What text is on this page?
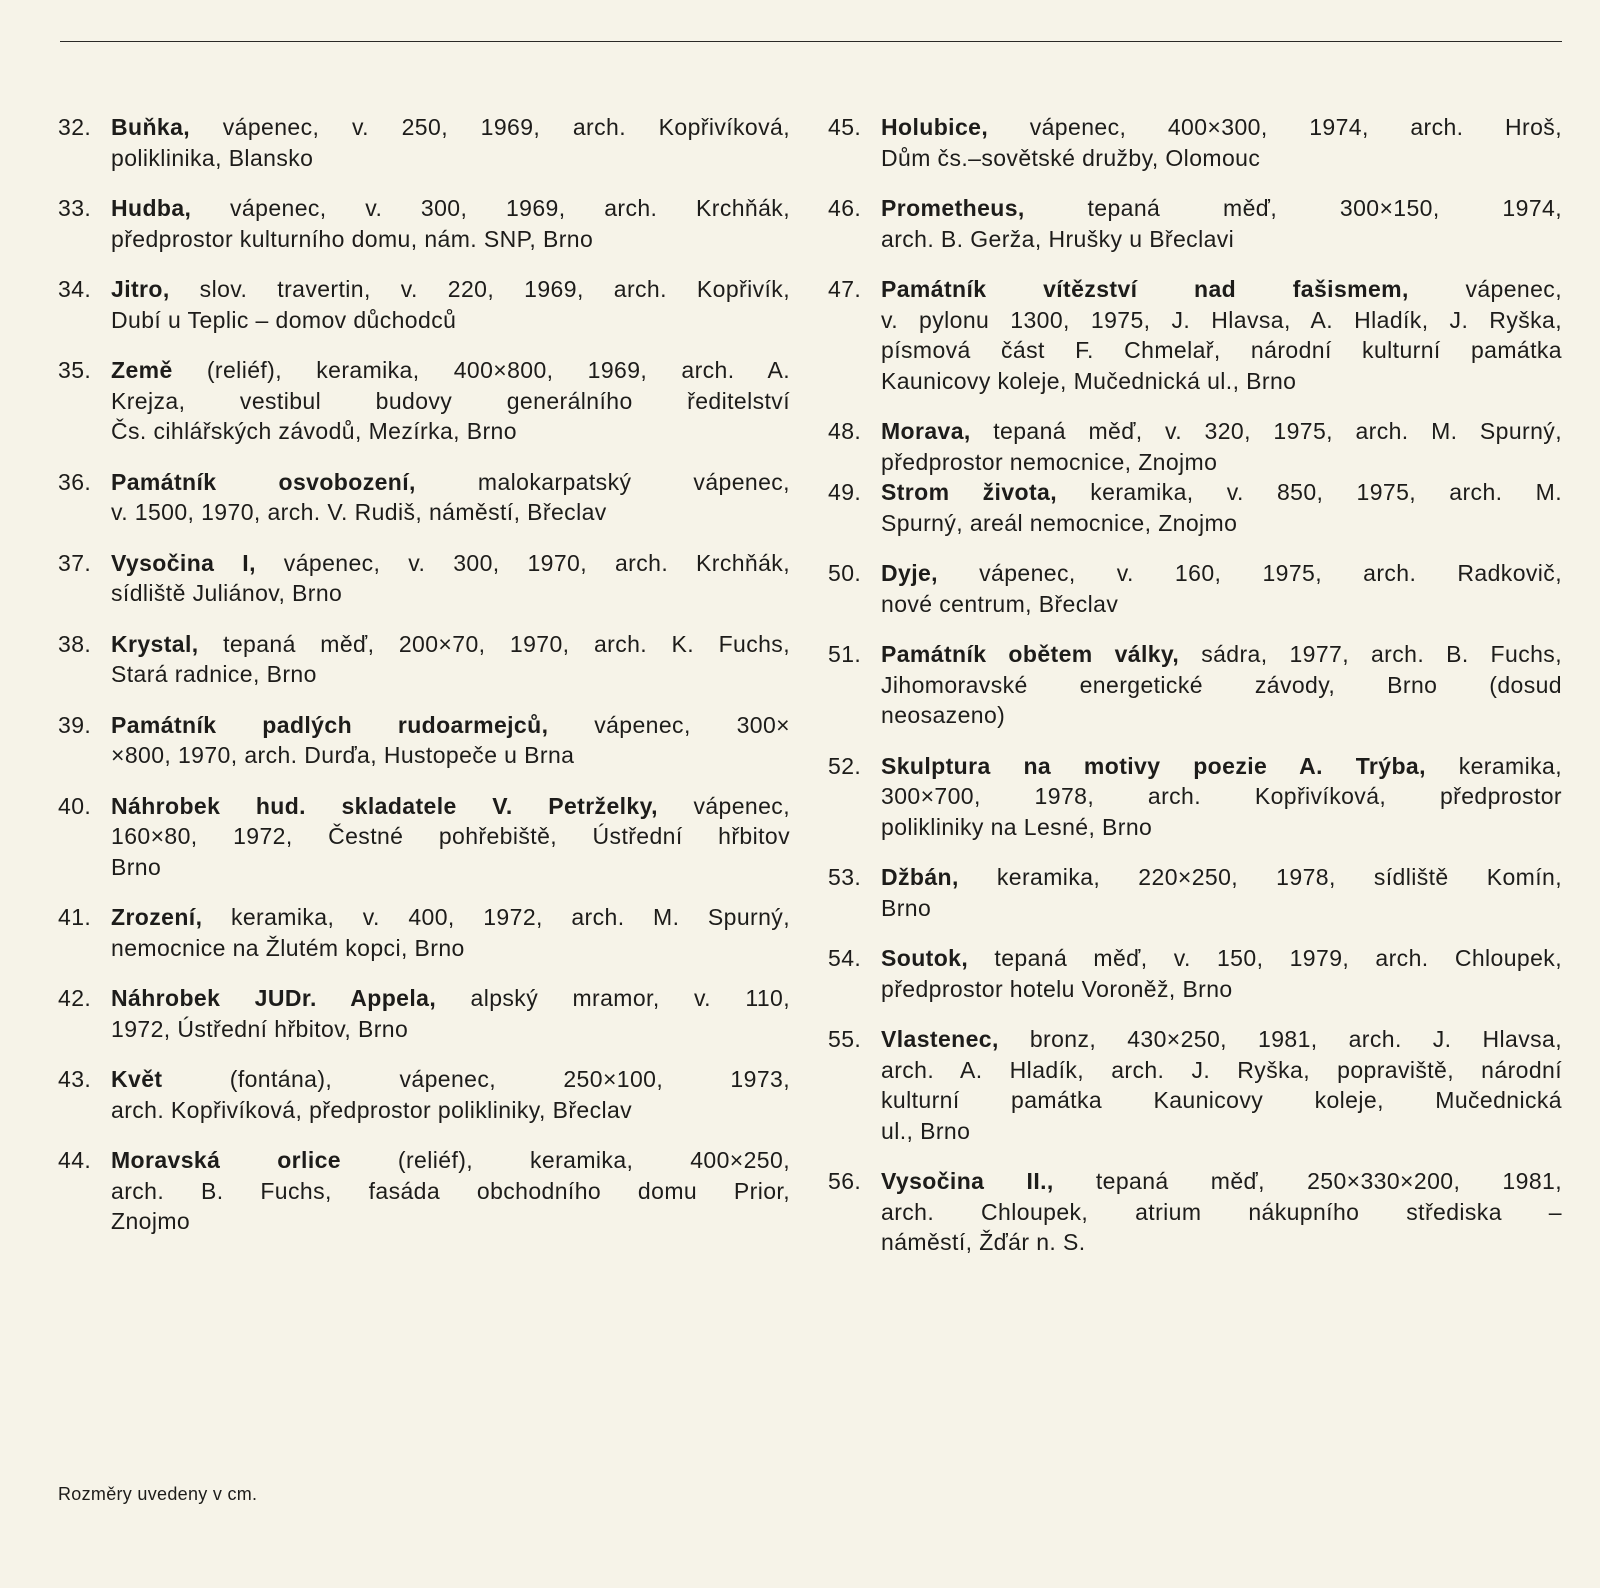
32. Buňka, vápenec, v. 250, 1969, arch. Kopřivíková,
poliklinika, Blansko
33. Hudba, vápenec, v. 300, 1969, arch. Krchňák,
předprostor kulturního domu, nám. SNP, Brno
34. Jitro, slov. travertin, v. 220, 1969, arch. Kopřivík,
Dubí u Teplic – domov důchodců
35. Země (reliéf), keramika, 400×800, 1969, arch. A.
Krejza, vestibul budovy generálního ředitelství
Čs. cihlářských závodů, Mezírka, Brno
36. Památník osvobození,	malokarpatský vápenec,
v. 1500, 1970, arch. V. Rudiš, náměstí, Břeclav
37. Vysočina I, vápenec, v. 300, 1970, arch. Krchňák,
sídliště Juliánov, Brno
38. Krystal, tepaná měď, 200×70, 1970, arch. K. Fuchs,
Stará radnice, Brno
39. Památník padlých rudoarmejců, vápenec, 300×
×800, 1970, arch. Durďa, Hustopeče u Brna
40. Náhrobek hud. skladatele V. Petrželky, vápenec,
160×80, 1972, Čestné pohřebiště, Ústřední hřbitov
Brno
41. Zrození, keramika, v. 400, 1972, arch. M. Spurný,
nemocnice na Žlutém kopci, Brno
42. Náhrobek JUDr. Appela, alpský mramor, v. 110,
1972, Ústřední hřbitov, Brno
43. Květ	(fontána), vápenec, 250×100, 1973,
arch. Kopřivíková, předprostor polikliniky, Břeclav
44. Moravská orlice (reliéf), keramika, 400×250,
arch. B. Fuchs, fasáda obchodního domu Prior,
Znojmo
45. Holubice, vápenec, 400×300, 1974, arch. Hroš,
Dům čs.–sovětské družby, Olomouc
46. Prometheus,	tepaná měď, 300×150, 1974,
arch. B. Gerža, Hrušky u Břeclavi
47. Památník vítězství nad fašismem, vápenec,
v. pylonu 1300, 1975, J. Hlavsa, A. Hladík, J. Ryška,
písmová část F. Chmelař, národní kulturní památka
Kaunicovy koleje, Mučednická ul., Brno
48. Morava, tepaná měď, v. 320, 1975, arch. M. Spurný,
předprostor nemocnice, Znojmo
49. Strom života, keramika, v. 850, 1975, arch. M.
Spurný, areál nemocnice, Znojmo
50. Dyje, vápenec, v. 160, 1975, arch. Radkovič,
nové centrum, Břeclav
51. Památník obětem války, sádra, 1977, arch. B. Fuchs,
Jihomoravské energetické závody, Brno (dosud
neosazeno)
52. Skulptura na motivy poezie A. Trýba, keramika,
300×700, 1978, arch. Kopřivíková, předprostor
polikliniky na Lesné, Brno
53. Džbán, keramika, 220×250, 1978, sídliště Komín,
Brno
54. Soutok, tepaná měď, v. 150, 1979, arch. Chloupek,
předprostor hotelu Voroněž, Brno
55. Vlastenec, bronz, 430×250, 1981, arch. J. Hlavsa,
arch. A. Hladík, arch. J. Ryška, popraviště, národní
kulturní památka Kaunicovy koleje, Mučednická
ul., Brno
56. Vysočina II., tepaná měď, 250×330×200, 1981,
arch. Chloupek, atrium nákupního střediska –
náměstí, Žďár n. S.
Rozměry uvedeny v cm.
